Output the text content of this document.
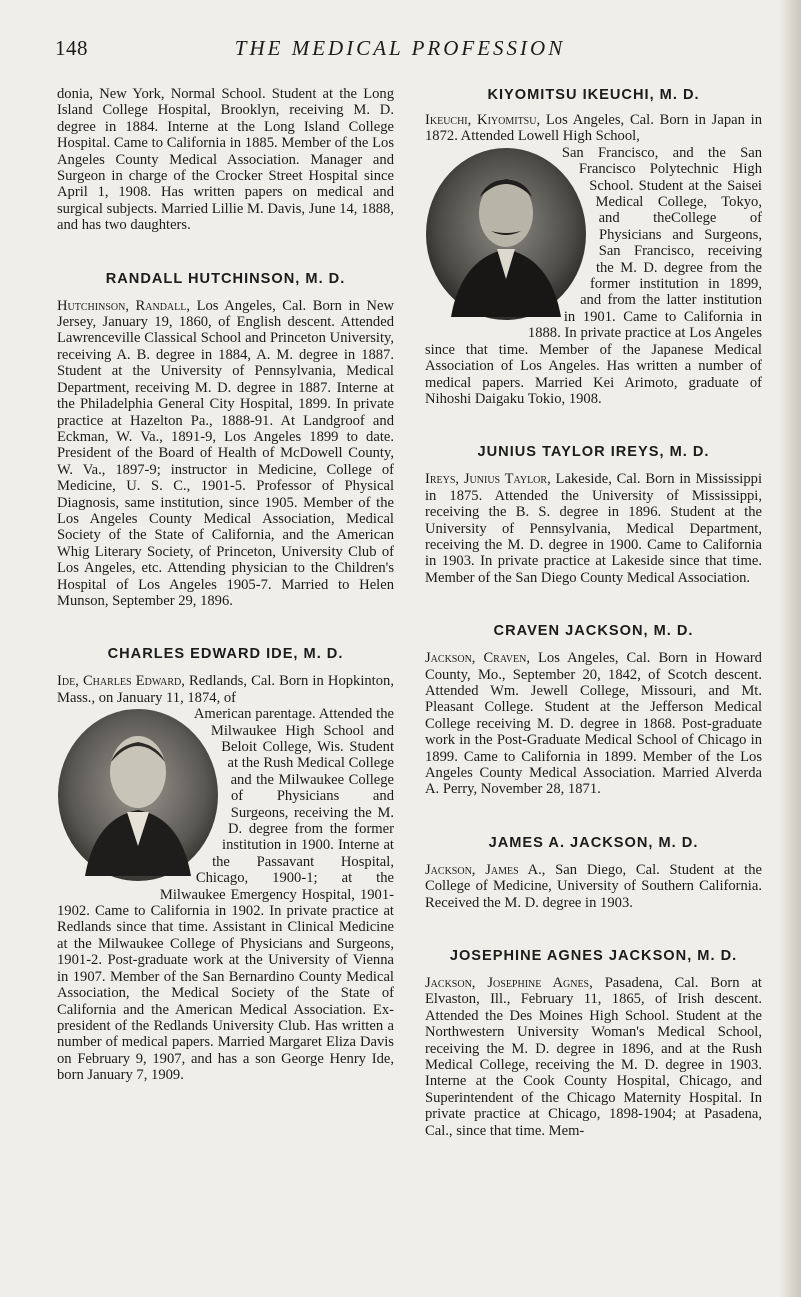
148	THE MEDICAL PROFESSION

donia, New York, Normal School. Student at the Long Island College Hospital, Brooklyn, receiving M. D. degree in 1884. Interne at the Long Island College Hospital. Came to California in 1885. Member of the Los Angeles County Medical Association. Manager and Surgeon in charge of the Crocker Street Hospital since April 1, 1908. Has written papers on medical and surgical subjects. Married Lillie M. Davis, June 14, 1888, and has two daughters.

RANDALL HUTCHINSON, M. D.

Hutchinson, Randall, Los Angeles, Cal. Born in New Jersey, January 19, 1860, of English descent. Attended Lawrenceville Classical School and Princeton University, receiving A. B. degree in 1884, A. M. degree in 1887. Student at the University of Pennsylvania, Medical Department, receiving M. D. degree in 1887. Interne at the Philadelphia General City Hospital, 1899. In private practice at Hazelton Pa., 1888-91. At Landgroof and Eckman, W. Va., 1891-9, Los Angeles 1899 to date. President of the Board of Health of McDowell County, W. Va., 1897-9; instructor in Medicine, College of Medicine, U. S. C., 1901-5. Professor of Physical Diagnosis, same institution, since 1905. Member of the Los Angeles County Medical Association, Medical Society of the State of California, and the American Whig Literary Society, of Princeton, University Club of Los Angeles, etc. Attending physician to the Children's Hospital of Los Angeles 1905-7. Married to Helen Munson, September 29, 1896.

CHARLES EDWARD IDE, M. D.

Ide, Charles Edward, Redlands, Cal. Born in Hopkinton, Mass., on January 11, 1874, of

American parentage. Attended the Milwaukee High School and Beloit College, Wis. Student at the Rush Medical College and the Milwaukee College of Physicians and Surgeons, receiving the M. D. degree from the former institution in 1900. Interne at the Passavant Hospital, Chicago, 1900-1; at the Milwaukee Emergency Hospital, 1901-1902. Came to California in 1902. In private practice at Redlands since that time. Assistant in Clinical Medicine at the Milwaukee College of Physicians and Surgeons, 1901-2. Post-graduate work at the University of Vienna in 1907. Member of the San Bernardino County Medical Association, the Medical Society of the State of California and the American Medical Association. Ex-president of the Redlands University Club. Has written a number of medical papers. Married Margaret Eliza Davis on February 9, 1907, and has a son George Henry Ide, born January 7, 1909.

KIYOMITSU IKEUCHI, M. D.

Ikeuchi, Kiyomitsu, Los Angeles, Cal. Born in Japan in 1872. Attended Lowell High School,

San Francisco, and the San Francisco Polytechnic High School. Student at the Saisei Medical College, Tokyo, and theCollege of Physicians and Surgeons, San Francisco, receiving the M. D. degree from the former institution in 1899, and from the latter institution in 1901. Came to California in 1888. In private practice at Los Angeles since that time. Member of the Japanese Medical Association of Los Angeles. Has written a number of medical papers. Married Kei Arimoto, graduate of Nihoshi Daigaku Tokio, 1908.

JUNIUS TAYLOR IREYS, M. D.

Ireys, Junius Taylor, Lakeside, Cal. Born in Mississippi in 1875. Attended the University of Mississippi, receiving the B. S. degree in 1896. Student at the University of Pennsylvania, Medical Department, receiving the M. D. degree in 1900. Came to California in 1903. In private practice at Lakeside since that time. Member of the San Diego County Medical Association.

CRAVEN JACKSON, M. D.

Jackson, Craven, Los Angeles, Cal. Born in Howard County, Mo., September 20, 1842, of Scotch descent. Attended Wm. Jewell College, Missouri, and Mt. Pleasant College. Student at the Jefferson Medical College receiving M. D. degree in 1868. Post-graduate work in the Post-Graduate Medical School of Chicago in 1899. Came to California in 1899. Member of the Los Angeles County Medical Association. Married Alverda A. Perry, November 28, 1871.

JAMES A. JACKSON, M. D.

Jackson, James A., San Diego, Cal. Student at the College of Medicine, University of Southern California. Received the M. D. degree in 1903.

JOSEPHINE AGNES JACKSON, M. D.

Jackson, Josephine Agnes, Pasadena, Cal. Born at Elvaston, Ill., February 11, 1865, of Irish descent. Attended the Des Moines High School. Student at the Northwestern University Woman's Medical School, receiving the M. D. degree in 1896, and at the Rush Medical College, receiving the M. D. degree in 1903. Interne at the Cook County Hospital, Chicago, and Superintendent of the Chicago Maternity Hospital. In private practice at Chicago, 1898-1904; at Pasadena, Cal., since that time. Mem-
